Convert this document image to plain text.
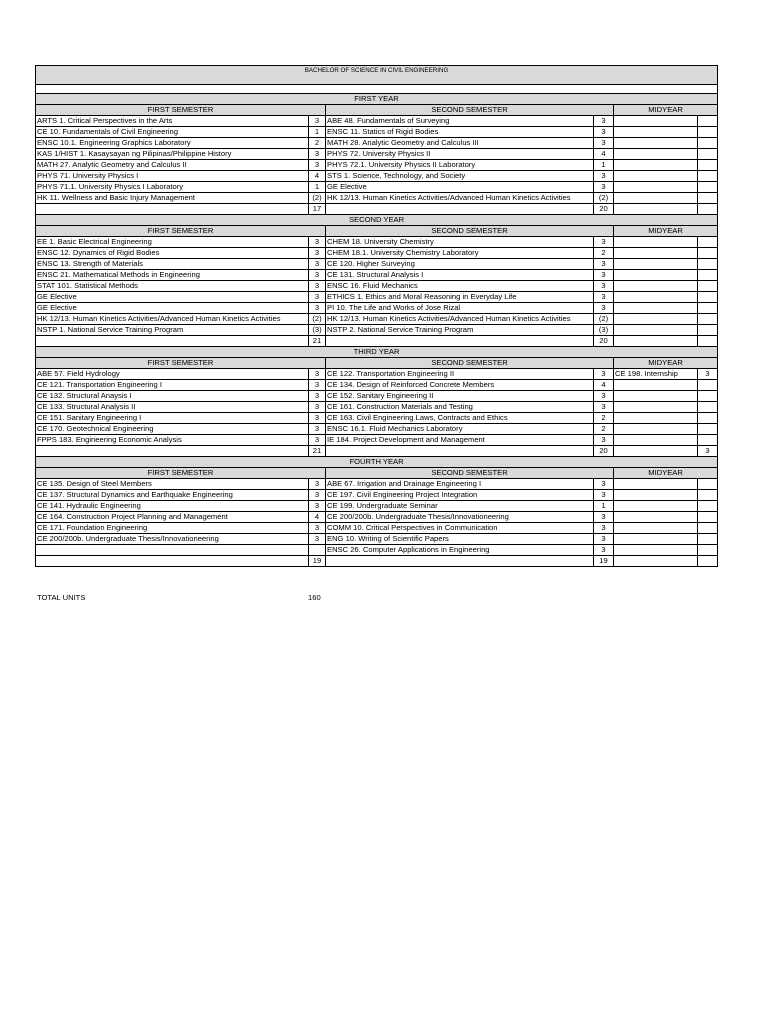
BACHELOR OF SCIENCE IN CIVIL ENGINEERING					

FIRST YEAR					
FIRST SEMESTER		SECOND SEMESTER		MIDYEAR	
ARTS 1. Critical Perspectives in the Arts	3	ABE 48. Fundamentals of Surveying	3		
CE 10. Fundamentals of Civil Engineering	1	ENSC 11. Statics of Rigid Bodies	3		
ENSC 10.1. Engineering Graphics Laboratory	2	MATH 28. Analytic Geometry and Calculus III	3		
KAS 1/HIST 1. Kasaysayan ng Pilipinas/Philippine History	3	PHYS 72. University Physics II	4		
MATH 27. Analytic Geometry and Calculus II	3	PHYS 72.1. University Physics II Laboratory	1		
PHYS 71. University Physics I	4	STS 1. Science, Technology, and Society	3		
PHYS 71.1. University Physics I Laboratory	1	GE Elective	3		
HK 11. Wellness and Basic Injury Management	(2)	HK 12/13. Human Kinetics Activities/Advanced Human Kinetics Activities	(2)		
	17		20		
SECOND YEAR					
FIRST SEMESTER		SECOND SEMESTER		MIDYEAR	
EE 1. Basic Electrical Engineering	3	CHEM 18. University Chemistry	3		
ENSC 12. Dynamics of Rigid Bodies	3	CHEM 18.1. University Chemistry Laboratory	2		
ENSC 13. Strength of Materials	3	CE 120. Higher Surveying	3		
ENSC 21. Mathematical Methods in Engineering	3	CE 131. Structural Analysis I	3		
STAT 101. Statistical Methods	3	ENSC 16. Fluid Mechanics	3		
GE Elective	3	ETHICS 1. Ethics and Moral Reasoning in Everyday Life	3		
GE Elective	3	PI 10. The Life and Works of Jose Rizal	3		
HK 12/13. Human Kinetics Activities/Advanced Human Kinetics Activities	(2)	HK 12/13. Human Kinetics Activities/Advanced Human Kinetics Activities	(2)		
NSTP 1. National Service Training Program	(3)	NSTP 2. National Service Training Program	(3)		
	21		20		
THIRD YEAR					
FIRST SEMESTER		SECOND SEMESTER		MIDYEAR	
ABE 57. Field Hydrology	3	CE 122. Transportation Engineering II	3	CE 198. Internship	3
CE 121. Transportation Engineering I	3	CE 134. Design of Reinforced Concrete Members	4		
CE 132. Structural Anaysis I	3	CE 152. Sanitary Engineering II	3		
CE 133. Structural Analysis II	3	CE 161. Construction Materials and Testing	3		
CE 151. Sanitary Engineering I	3	CE 163. Civil Engineering Laws, Contracts and Ethics	2		
CE 170. Geotechnical Engineering	3	ENSC 16.1. Fluid Mechanics Laboratory	2		
FPPS 183. Engineering Economic Analysis	3	IE 184. Project Development and Management	3		
	21		20		3
FOURTH YEAR					
FIRST SEMESTER		SECOND SEMESTER		MIDYEAR	
CE 135. Design of Steel Members	3	ABE 67. Irrigation and Drainage Engineering I	3		
CE 137. Structural Dynamics and Earthquake Engineering	3	CE 197. Civil Engineering Project Integration	3		
CE 141. Hydraulic Engineering	3	CE 199. Undergraduate Seminar	1		
CE 164. Construction Project Planning and Management	4	CE 200/200b. Undergraduate Thesis/Innovationeering	3		
CE 171. Foundation Engineering	3	COMM 10. Critical Perspectives in Communication	3		
CE 200/200b. Undergraduate Thesis/Innovationeering	3	ENG 10. Writing of Scientific Papers	3		
		ENSC 26. Computer Applications in Engineering	3		
	19		19		
TOTAL UNITS	160
